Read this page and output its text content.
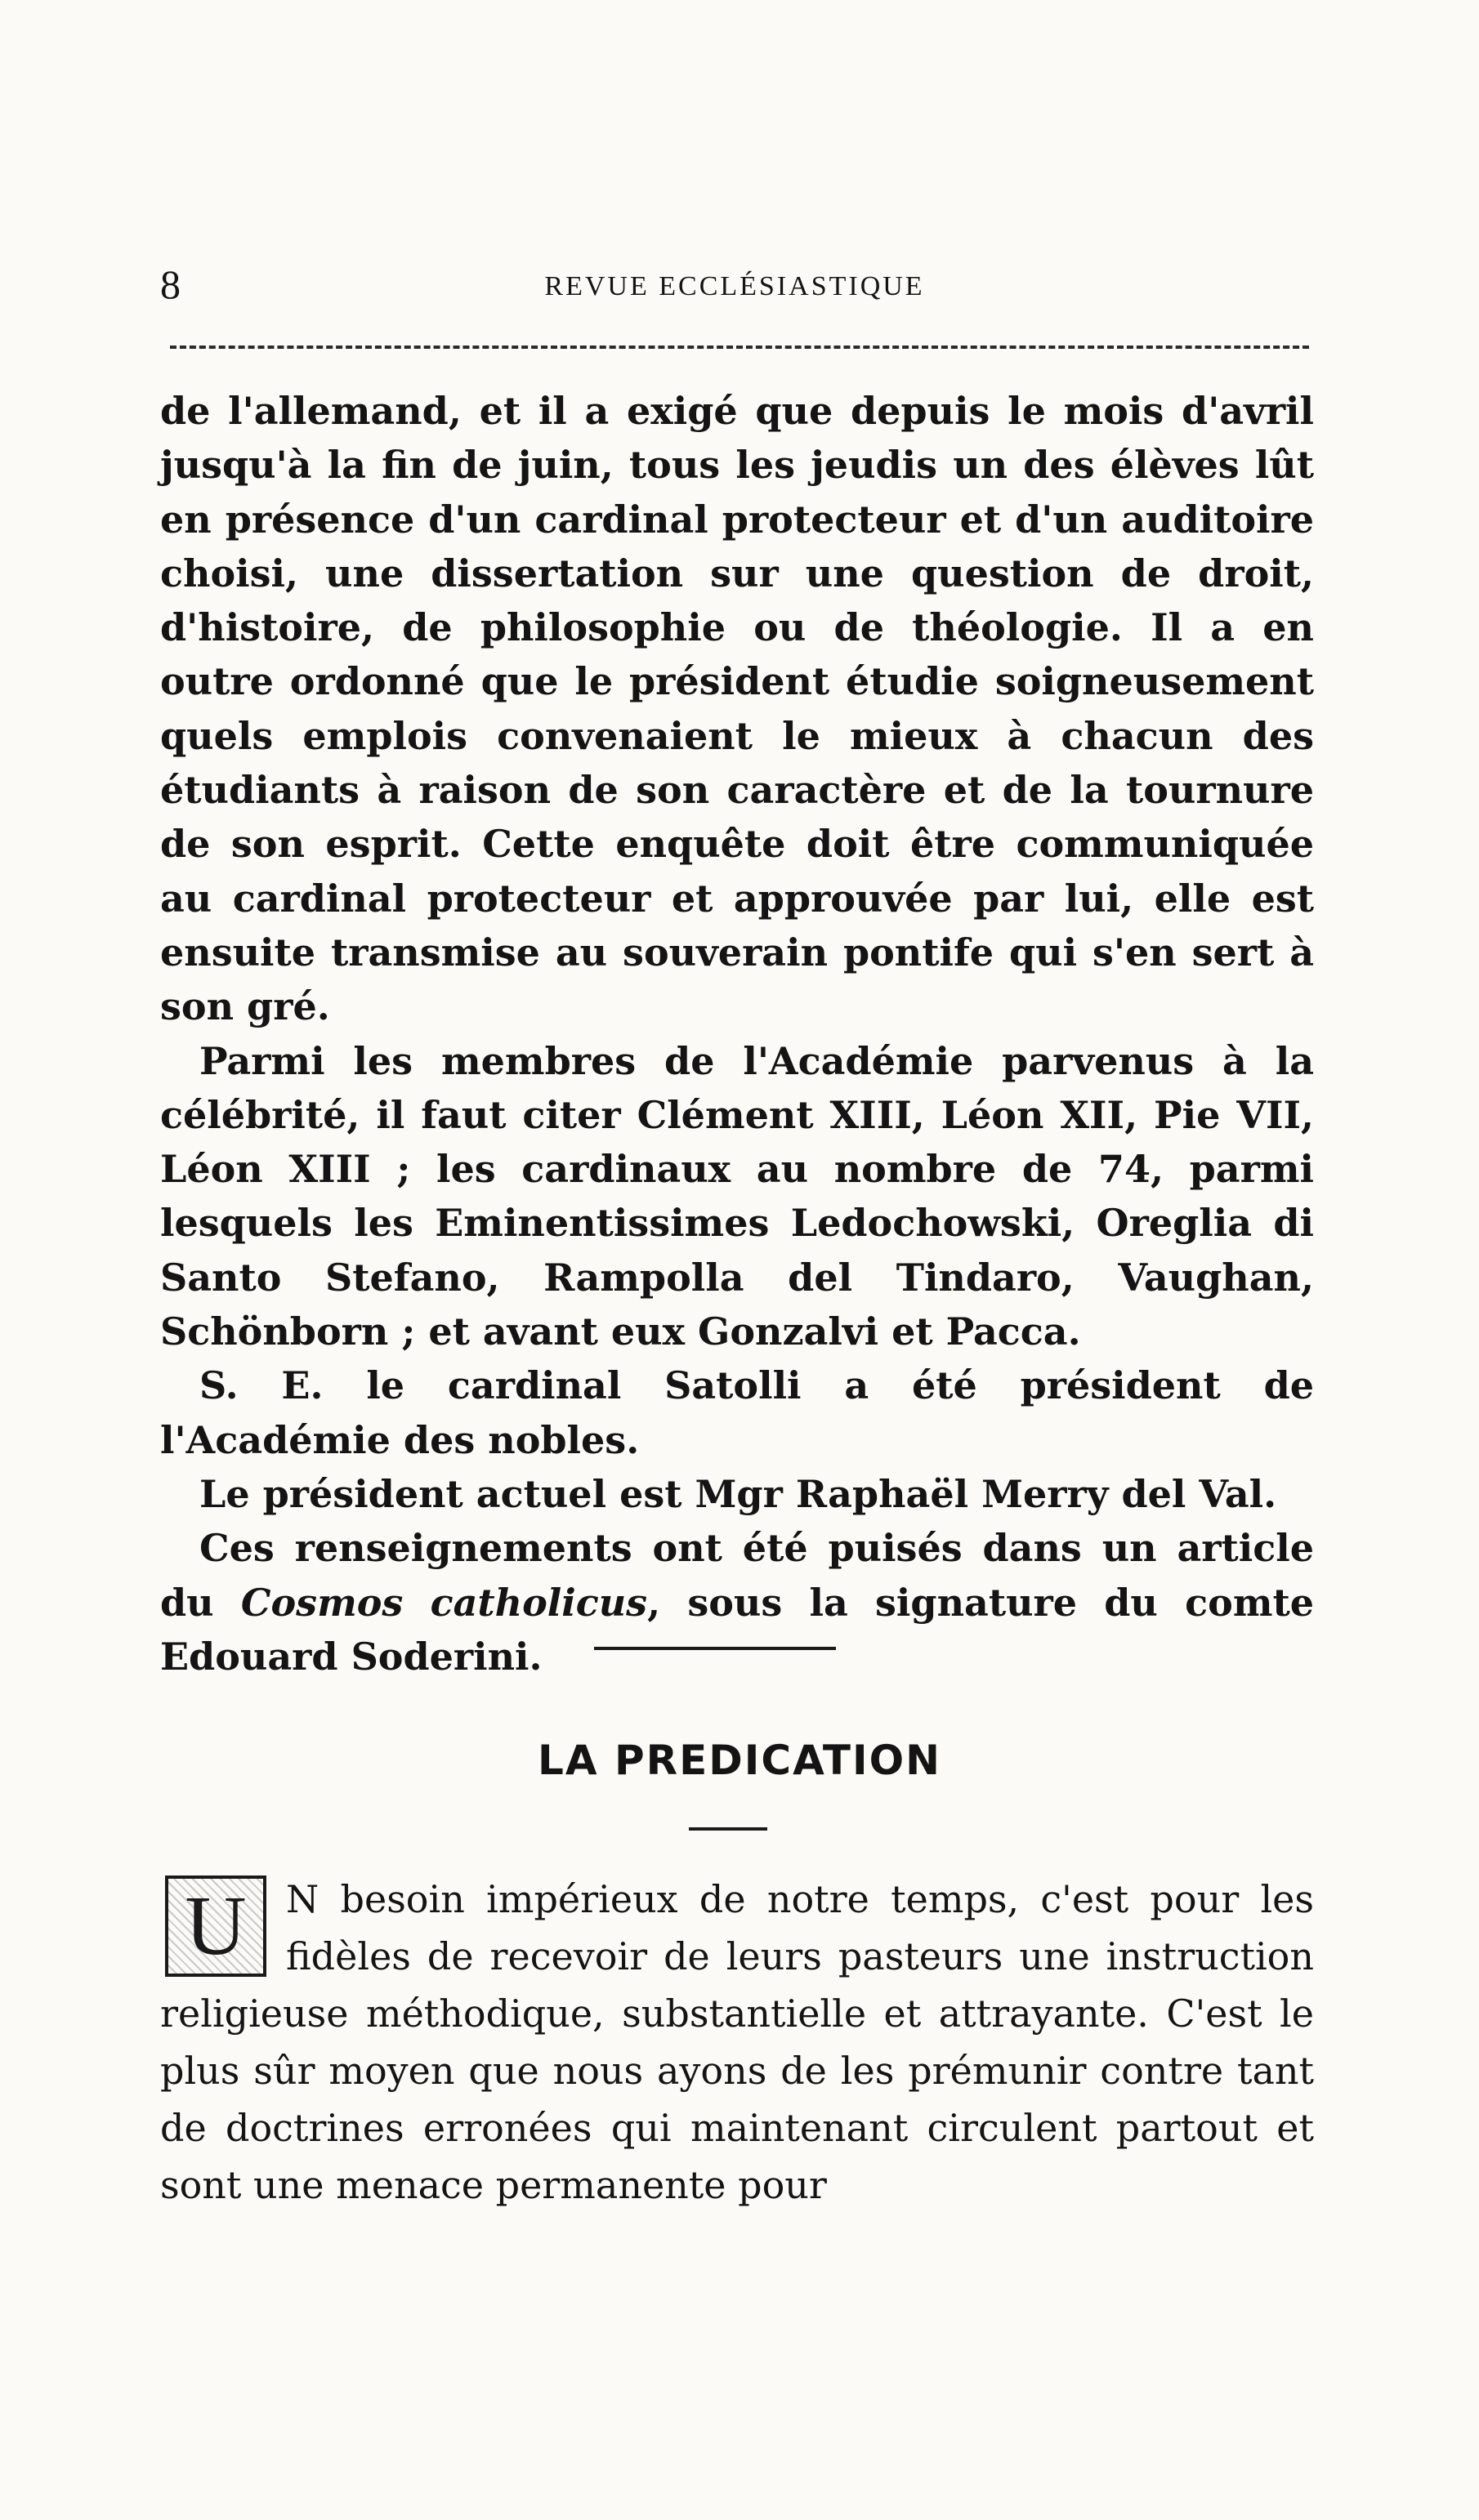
8	REVUE ECCLÉSIASTIQUE

de l'allemand, et il a exigé que depuis le mois d'avril jusqu'à la fin de juin, tous les jeudis un des élèves lût en présence d'un cardinal protecteur et d'un auditoire choisi, une dissertation sur une question de droit, d'histoire, de philosophie ou de théologie. Il a en outre ordonné que le président étudie soigneusement quels emplois convenaient le mieux à chacun des étudiants à raison de son caractère et de la tournure de son esprit. Cette enquête doit être communiquée au cardinal protecteur et approuvée par lui, elle est ensuite transmise au souverain pontife qui s'en sert à son gré.

Parmi les membres de l'Académie parvenus à la célébrité, il faut citer Clément XIII, Léon XII, Pie VII, Léon XIII ; les cardinaux au nombre de 74, parmi lesquels les Eminentissimes Ledochowski, Oreglia di Santo Stefano, Rampolla del Tindaro, Vaughan, Schönborn ; et avant eux Gonzalvi et Pacca.

S. E. le cardinal Satolli a été président de l'Académie des nobles.

Le président actuel est Mgr Raphaël Merry del Val.

Ces renseignements ont été puisés dans un article du Cosmos catholicus, sous la signature du comte Edouard Soderini.

LA PREDICATION
U	N besoin impérieux de notre temps, c'est pour les fidèles de recevoir de leurs pasteurs une instruction religieuse méthodique, substantielle et attrayante. C'est le plus sûr moyen que nous ayons de les prémunir contre tant de doctrines erronées qui maintenant circulent partout et sont une menace permanente pour
